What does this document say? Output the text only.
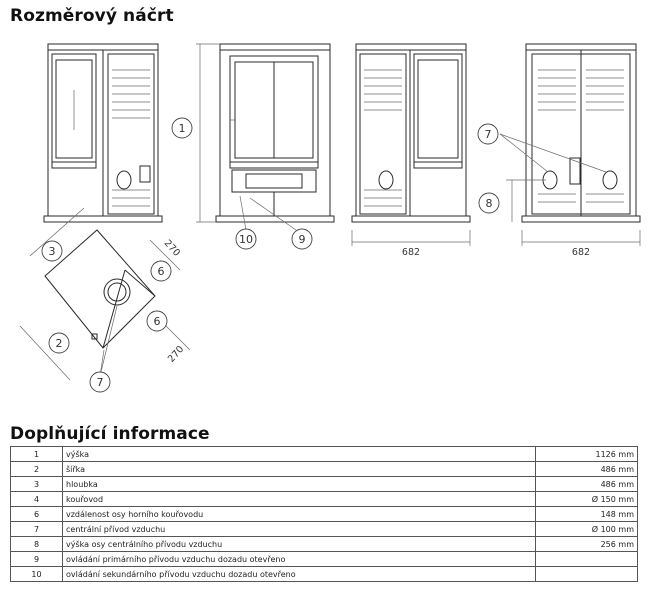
Rozměrový náčrt
1
3
2
6
6
7
10	9
7
8
682	682
270
270
Doplňující informace
1	výška	1126 mm
2	šířka	486 mm
3	hloubka	486 mm
4	kouřovod	Ø 150 mm
6	vzdálenost osy horního kouřovodu	148 mm
7	centrální přívod vzduchu	Ø 100 mm
8	výška osy centrálního přívodu vzduchu	256 mm
9	ovládání primárního přívodu vzduchu dozadu otevřeno	
10	ovládání sekundárního přívodu vzduchu dozadu otevřeno	
